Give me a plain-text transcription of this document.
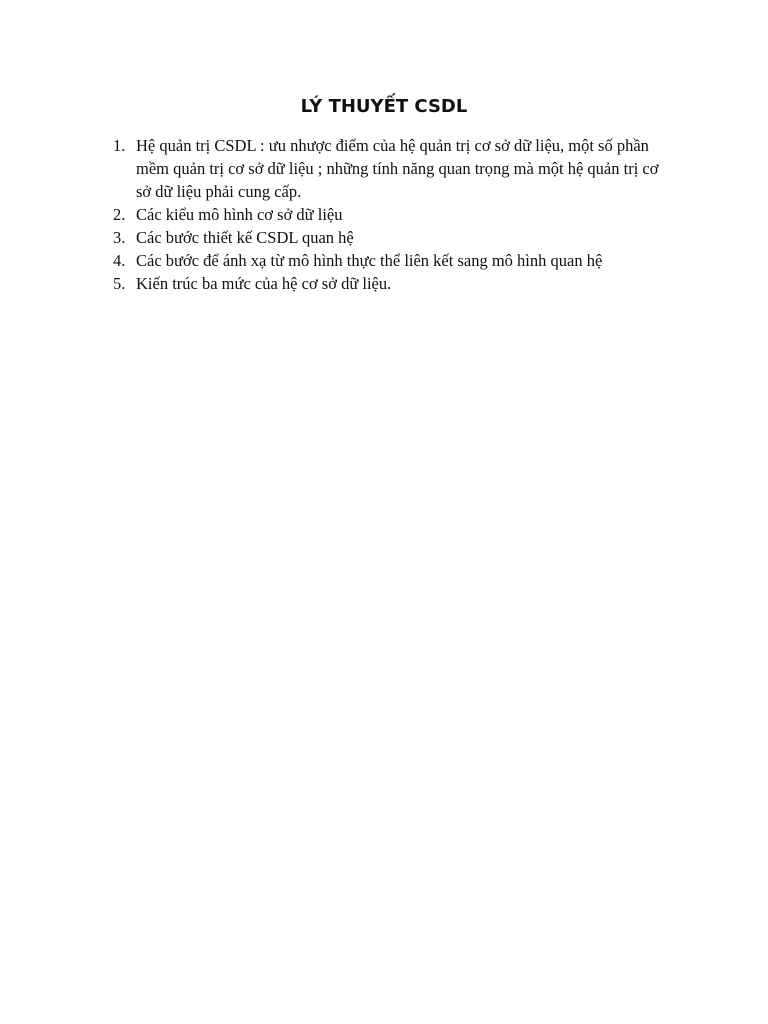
LÝ THUYẾT CSDL
1. Hệ quản trị CSDL : ưu nhược điểm của hệ quản trị cơ sở dữ liệu, một số phần mềm quản trị cơ sở dữ liệu ; những tính năng quan trọng mà một hệ quản trị cơ sở dữ liệu phải cung cấp.
2. Các kiểu mô hình cơ sở dữ liệu
3. Các bước thiết kế CSDL quan hệ
4. Các bước để ánh xạ từ mô hình thực thể liên kết sang mô hình quan hệ
5. Kiến trúc ba mức của hệ cơ sở dữ liệu.
